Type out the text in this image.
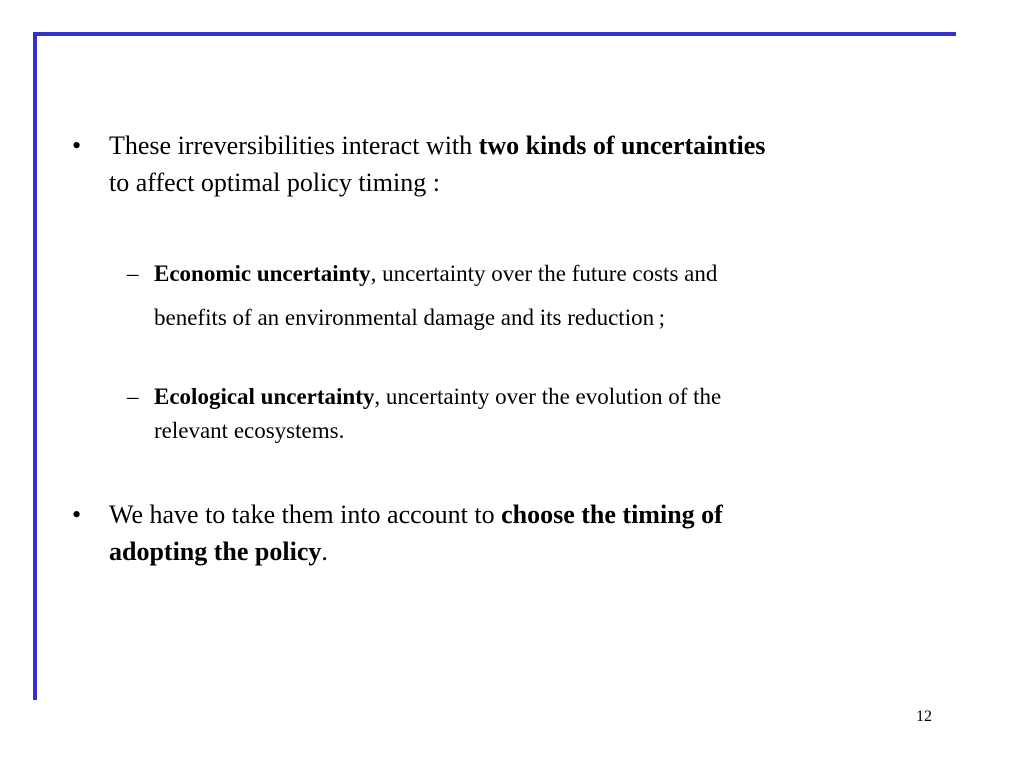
• These irreversibilities interact with two kinds of uncertainties
to affect optimal policy timing :
– Economic uncertainty, uncertainty over the future costs and
benefits of an environmental damage and its reduction ;
– Ecological uncertainty, uncertainty over the evolution of the
relevant ecosystems.
• We have to take them into account to choose the timing of
adopting the policy.
12
